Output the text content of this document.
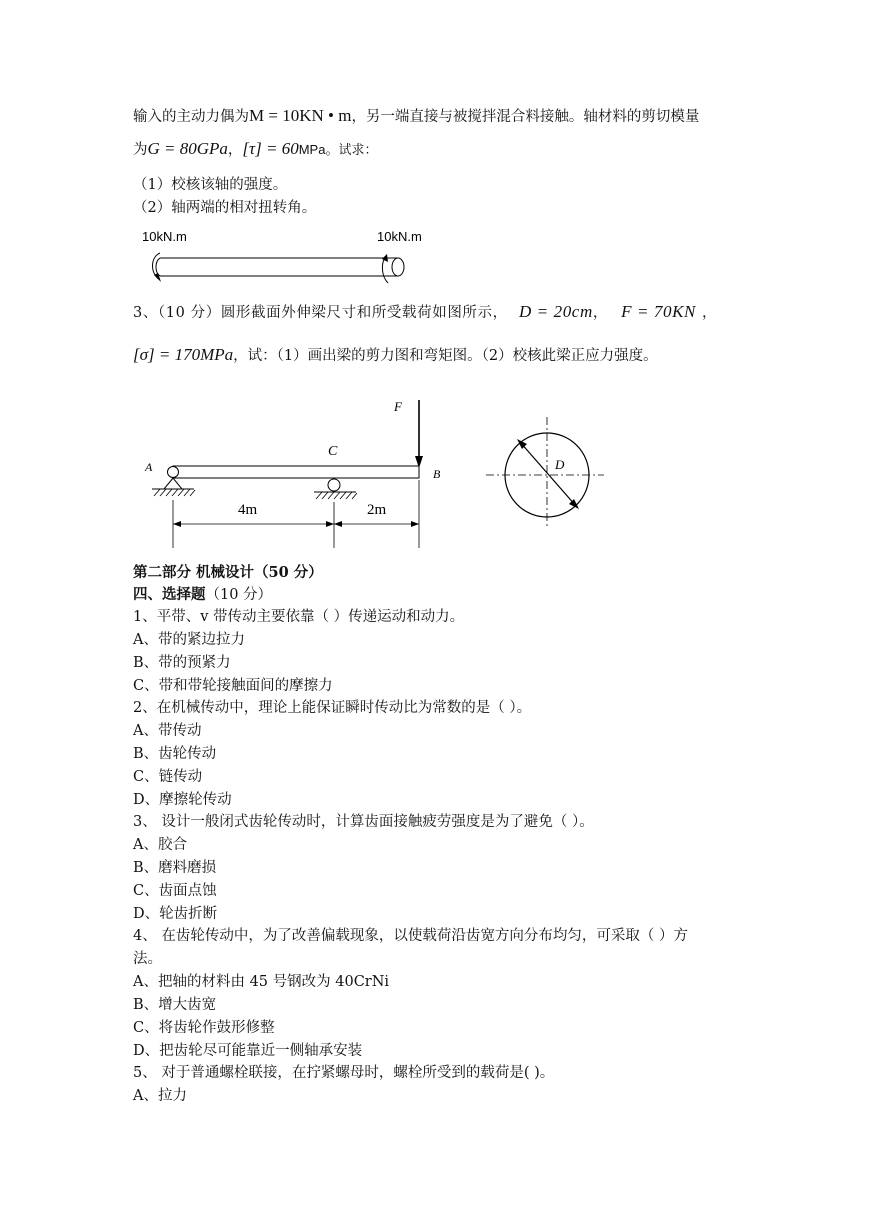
输入的主动力偶为M = 10KN • m，另一端直接与被搅拌混合料接触。轴材料的剪切模量
为G = 80GPa，[τ] = 60MPa。试求：
（1）校核该轴的强度。
（2）轴两端的相对扭转角。
10kN.m	10kN.m
3、（10 分）圆形截面外伸梁尺寸和所受载荷如图所示， D = 20cm， F = 70KN ，
[σ] = 170MPa，试：（1）画出梁的剪力图和弯矩图。（2）校核此梁正应力强度。
F
C
A	B
4m	2m
D
第二部分 机械设计（50 分）
四、选择题（10 分）
1、平带、v 带传动主要依靠（ ）传递运动和动力。
A、带的紧边拉力
B、带的预紧力
C、带和带轮接触面间的摩擦力
2、在机械传动中，理论上能保证瞬时传动比为常数的是（ ）。
A、带传动
B、齿轮传动
C、链传动
D、摩擦轮传动
3、 设计一般闭式齿轮传动时，计算齿面接触疲劳强度是为了避免（ ）。
A、胶合
B、磨料磨损
C、齿面点蚀
D、轮齿折断
4、 在齿轮传动中，为了改善偏载现象，以使载荷沿齿宽方向分布均匀，可采取（ ）方
法。
A、把轴的材料由 45 号钢改为 40CrNi
B、增大齿宽
C、将齿轮作鼓形修整
D、把齿轮尽可能靠近一侧轴承安装
5、 对于普通螺栓联接，在拧紧螺母时，螺栓所受到的载荷是( )。
A、拉力
